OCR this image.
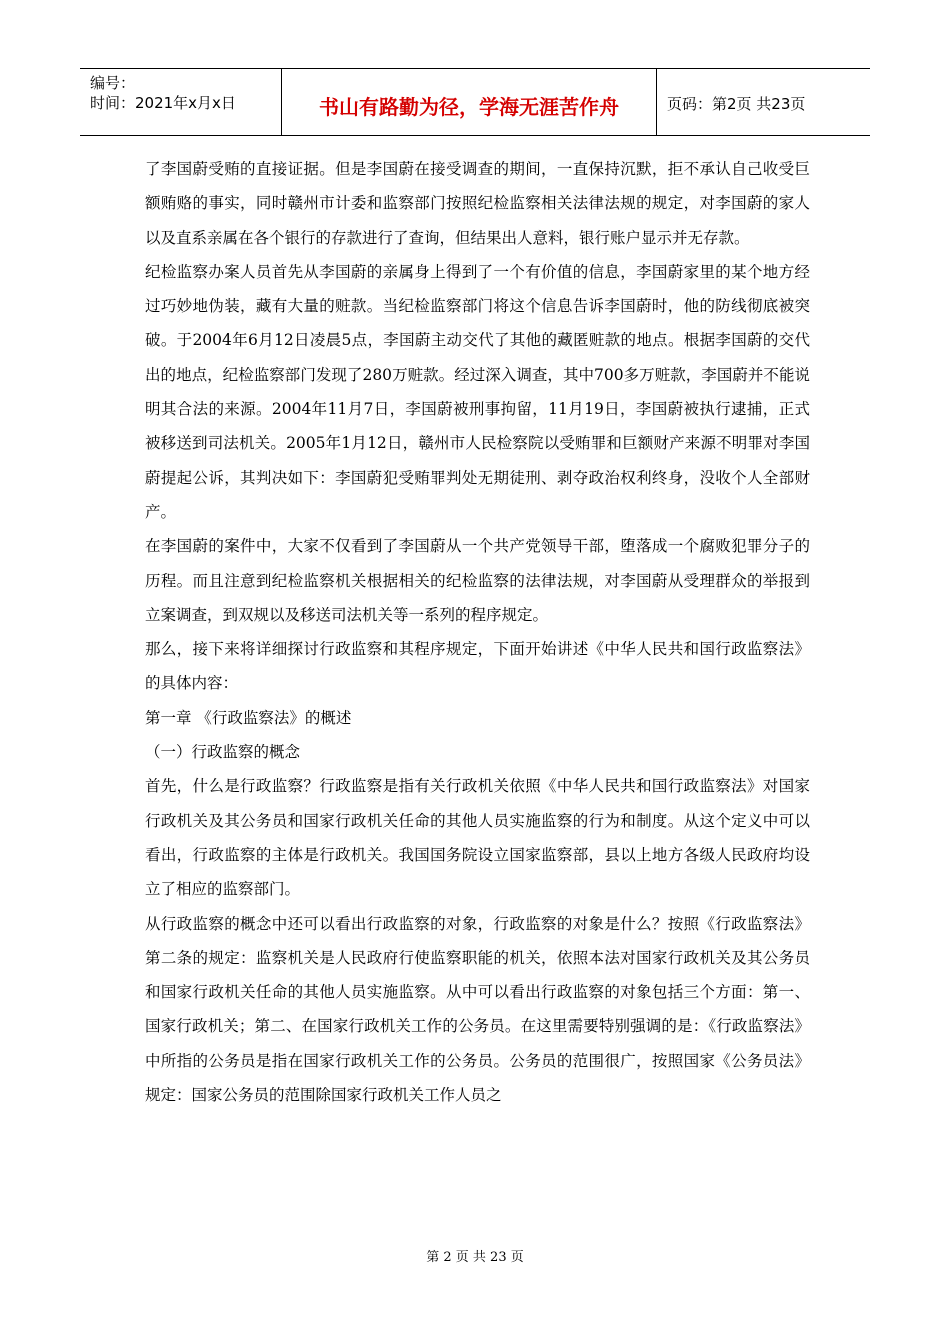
编号：
时间：2021年x月x日	书山有路勤为径，学海无涯苦作舟	页码：第2页 共23页

了李国蔚受贿的直接证据。但是李国蔚在接受调查的期间，一直保持沉默，拒不承认自己收受巨额贿赂的事实，同时赣州市计委和监察部门按照纪检监察相关法律法规的规定，对李国蔚的家人以及直系亲属在各个银行的存款进行了查询，但结果出人意料，银行账户显示并无存款。

纪检监察办案人员首先从李国蔚的亲属身上得到了一个有价值的信息，李国蔚家里的某个地方经过巧妙地伪装，藏有大量的赃款。当纪检监察部门将这个信息告诉李国蔚时，他的防线彻底被突破。于2004年6月12日凌晨5点，李国蔚主动交代了其他的藏匿赃款的地点。根据李国蔚的交代出的地点，纪检监察部门发现了280万赃款。经过深入调查，其中700多万赃款，李国蔚并不能说明其合法的来源。2004年11月7日，李国蔚被刑事拘留，11月19日，李国蔚被执行逮捕，正式被移送到司法机关。2005年1月12日，赣州市人民检察院以受贿罪和巨额财产来源不明罪对李国蔚提起公诉，其判决如下：李国蔚犯受贿罪判处无期徒刑、剥夺政治权利终身，没收个人全部财产。

在李国蔚的案件中，大家不仅看到了李国蔚从一个共产党领导干部，堕落成一个腐败犯罪分子的历程。而且注意到纪检监察机关根据相关的纪检监察的法律法规，对李国蔚从受理群众的举报到立案调查，到双规以及移送司法机关等一系列的程序规定。

那么，接下来将详细探讨行政监察和其程序规定，下面开始讲述《中华人民共和国行政监察法》的具体内容：

第一章 《行政监察法》的概述

（一）行政监察的概念

首先，什么是行政监察？行政监察是指有关行政机关依照《中华人民共和国行政监察法》对国家行政机关及其公务员和国家行政机关任命的其他人员实施监察的行为和制度。从这个定义中可以看出，行政监察的主体是行政机关。我国国务院设立国家监察部，县以上地方各级人民政府均设立了相应的监察部门。

从行政监察的概念中还可以看出行政监察的对象，行政监察的对象是什么？按照《行政监察法》第二条的规定：监察机关是人民政府行使监察职能的机关，依照本法对国家行政机关及其公务员和国家行政机关任命的其他人员实施监察。从中可以看出行政监察的对象包括三个方面：第一、国家行政机关；第二、在国家行政机关工作的公务员。在这里需要特别强调的是：《行政监察法》中所指的公务员是指在国家行政机关工作的公务员。公务员的范围很广，按照国家《公务员法》规定：国家公务员的范围除国家行政机关工作人员之

第 2 页 共 23 页
